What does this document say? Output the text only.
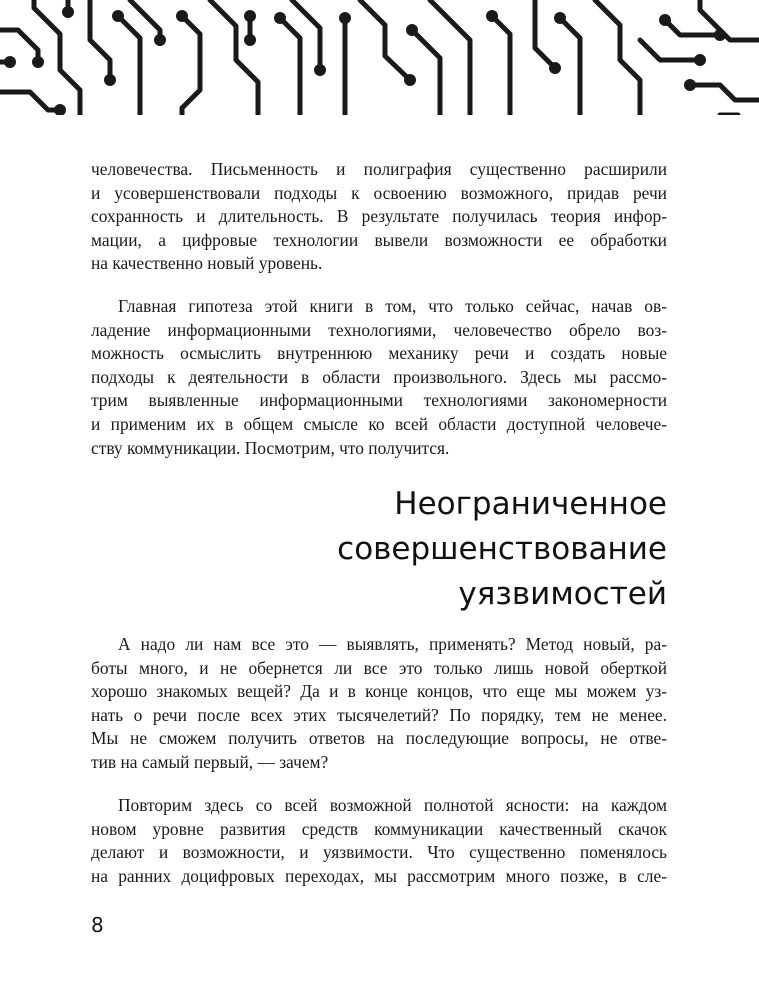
человечества. Письменность и полиграфия существенно расширили
и усовершенствовали подходы к освоению возможного, придав речи
сохранность и длительность. В результате получилась теория инфор-
мации, а цифровые технологии вывели возможности ее обработки
на качественно новый уровень.
Главная гипотеза этой книги в том, что только сейчас, начав ов-
ладение информационными технологиями, человечество обрело воз-
можность осмыслить внутреннюю механику речи и создать новые
подходы к деятельности в области произвольного. Здесь мы рассмо-
трим выявленные информационными технологиями закономерности
и применим их в общем смысле ко всей области доступной человече-
ству коммуникации. Посмотрим, что получится.
Неограниченное
совершенствование
уязвимостей
А надо ли нам все это — выявлять, применять? Метод новый, ра-
боты много, и не обернется ли все это только лишь новой оберткой
хорошо знакомых вещей? Да и в конце концов, что еще мы можем уз-
нать о речи после всех этих тысячелетий? По порядку, тем не менее.
Мы не сможем получить ответов на последующие вопросы, не отве-
тив на самый первый, — зачем?
Повторим здесь со всей возможной полнотой ясности: на каждом
новом уровне развития средств коммуникации качественный скачок
делают и возможности, и уязвимости. Что существенно поменялось
на ранних доцифровых переходах, мы рассмотрим много позже, в сле-
8
